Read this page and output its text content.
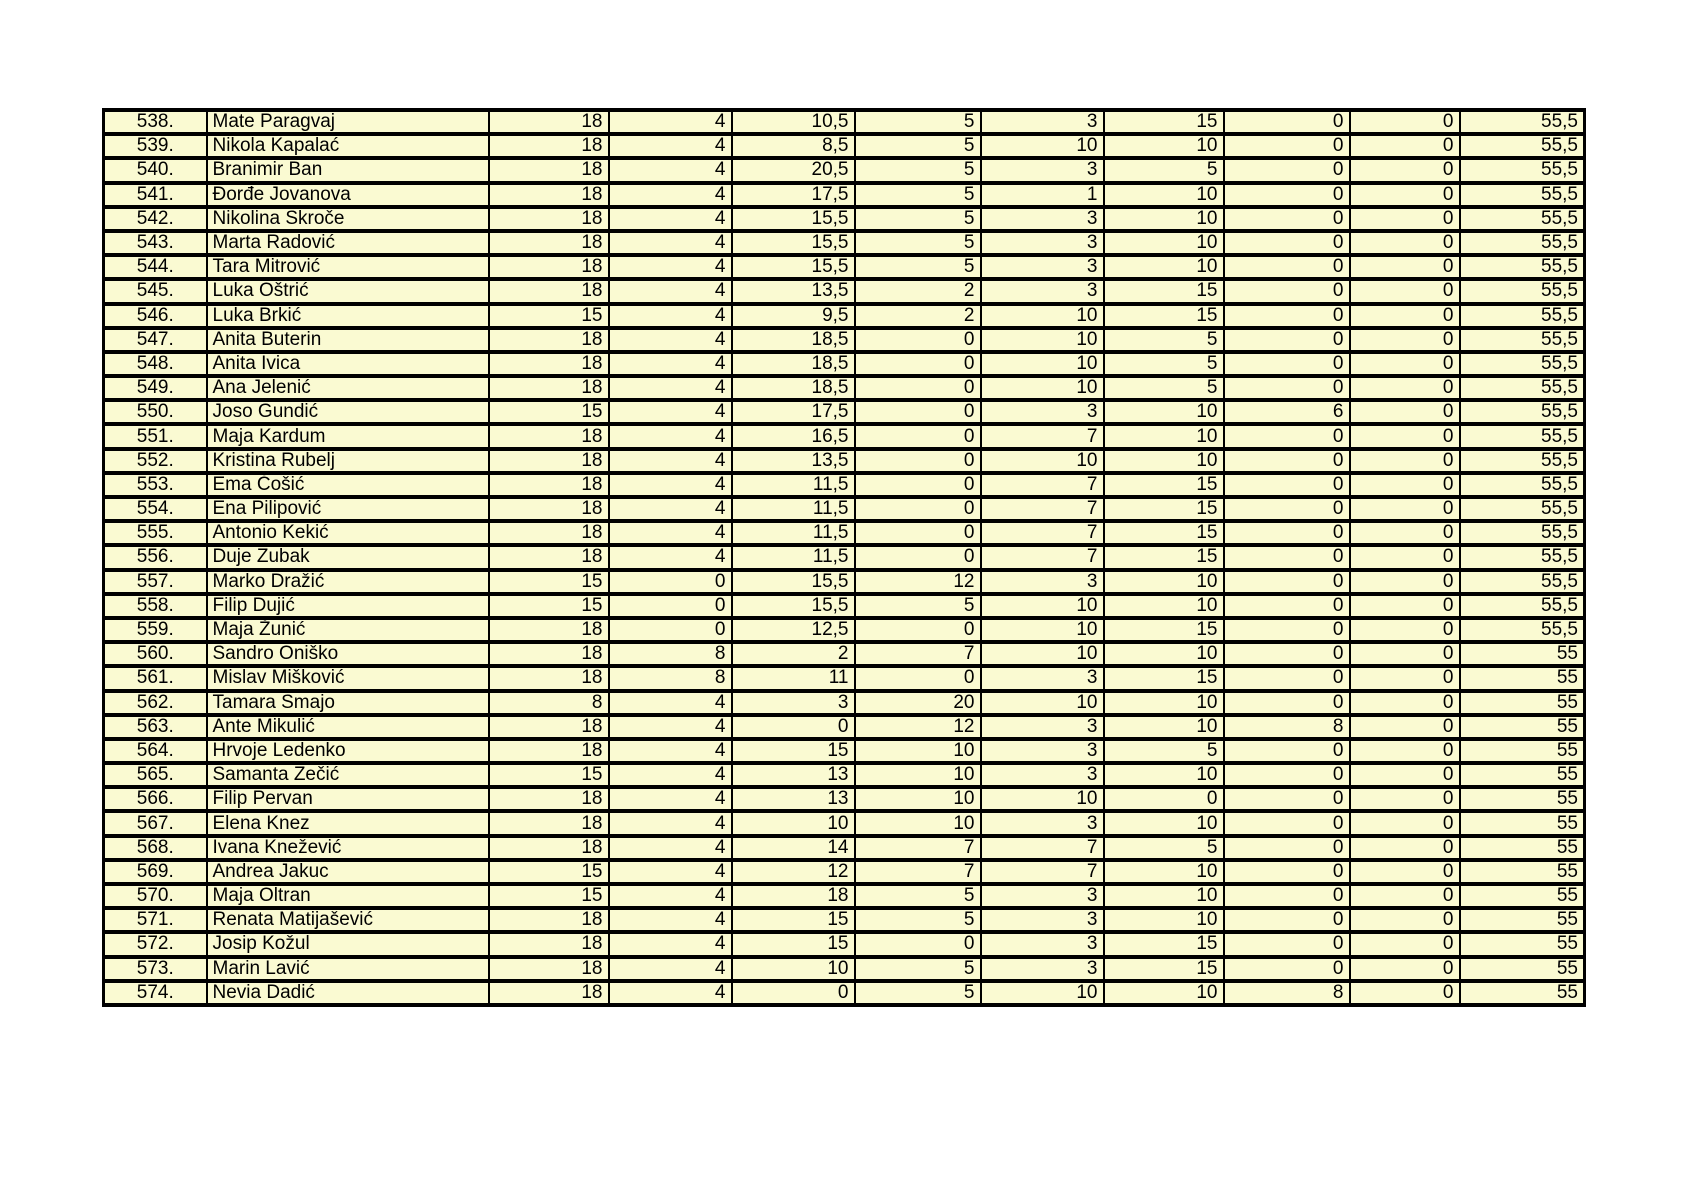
538.	Mate Paragvaj	18	4	10,5	5	3	15	0	0	55,5
539.	Nikola Kapalać	18	4	8,5	5	10	10	0	0	55,5
540.	Branimir Ban	18	4	20,5	5	3	5	0	0	55,5
541.	Đorđe Jovanova	18	4	17,5	5	1	10	0	0	55,5
542.	Nikolina Skroče	18	4	15,5	5	3	10	0	0	55,5
543.	Marta Radović	18	4	15,5	5	3	10	0	0	55,5
544.	Tara Mitrović	18	4	15,5	5	3	10	0	0	55,5
545.	Luka Oštrić	18	4	13,5	2	3	15	0	0	55,5
546.	Luka Brkić	15	4	9,5	2	10	15	0	0	55,5
547.	Anita Buterin	18	4	18,5	0	10	5	0	0	55,5
548.	Anita Ivica	18	4	18,5	0	10	5	0	0	55,5
549.	Ana Jelenić	18	4	18,5	0	10	5	0	0	55,5
550.	Joso Gundić	15	4	17,5	0	3	10	6	0	55,5
551.	Maja Kardum	18	4	16,5	0	7	10	0	0	55,5
552.	Kristina Rubelj	18	4	13,5	0	10	10	0	0	55,5
553.	Ema Čošić	18	4	11,5	0	7	15	0	0	55,5
554.	Ena Pilipović	18	4	11,5	0	7	15	0	0	55,5
555.	Antonio Kekić	18	4	11,5	0	7	15	0	0	55,5
556.	Duje Zubak	18	4	11,5	0	7	15	0	0	55,5
557.	Marko Dražić	15	0	15,5	12	3	10	0	0	55,5
558.	Filip Dujić	15	0	15,5	5	10	10	0	0	55,5
559.	Maja Žunić	18	0	12,5	0	10	15	0	0	55,5
560.	Sandro Oniško	18	8	2	7	10	10	0	0	55
561.	Mislav Mišković	18	8	11	0	3	15	0	0	55
562.	Tamara Smajo	8	4	3	20	10	10	0	0	55
563.	Ante Mikulić	18	4	0	12	3	10	8	0	55
564.	Hrvoje Ledenko	18	4	15	10	3	5	0	0	55
565.	Samanta Zečić	15	4	13	10	3	10	0	0	55
566.	Filip Pervan	18	4	13	10	10	0	0	0	55
567.	Elena Knez	18	4	10	10	3	10	0	0	55
568.	Ivana Knežević	18	4	14	7	7	5	0	0	55
569.	Andrea Jakuc	15	4	12	7	7	10	0	0	55
570.	Maja Oltran	15	4	18	5	3	10	0	0	55
571.	Renata Matijašević	18	4	15	5	3	10	0	0	55
572.	Josip Kožul	18	4	15	0	3	15	0	0	55
573.	Marin Lavić	18	4	10	5	3	15	0	0	55
574.	Nevia Dadić	18	4	0	5	10	10	8	0	55
